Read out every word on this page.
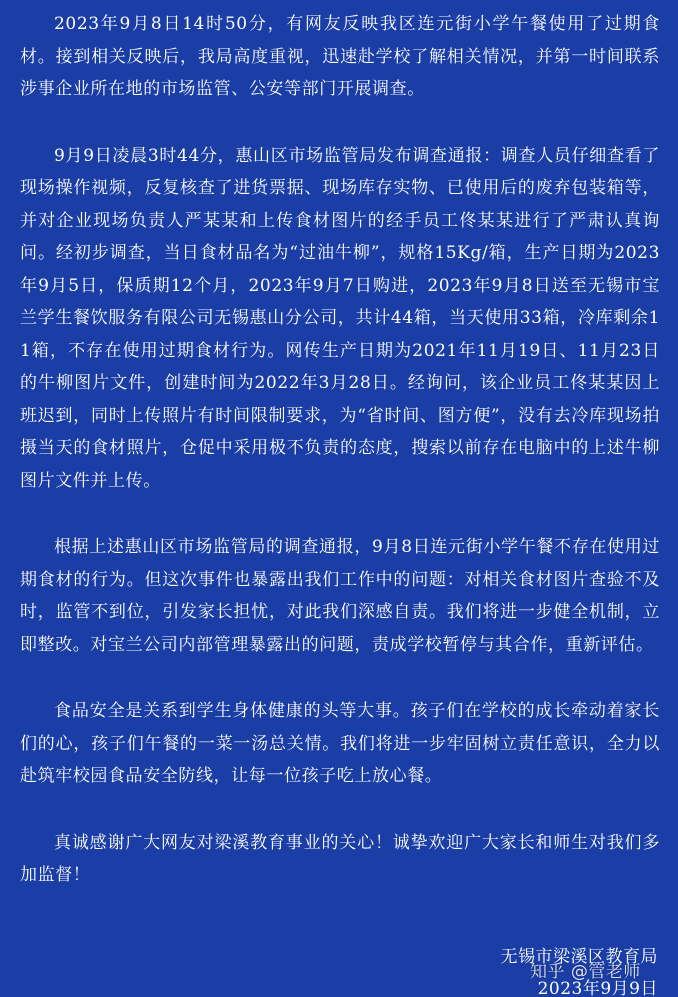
2023年9月8日14时50分，有网友反映我区连元街小学午餐使用了过期食材。接到相关反映后，我局高度重视，迅速赴学校了解相关情况，并第一时间联系涉事企业所在地的市场监管、公安等部门开展调查。

9月9日凌晨3时44分，惠山区市场监管局发布调查通报：调查人员仔细查看了现场操作视频，反复核查了进货票据、现场库存实物、已使用后的废弃包装箱等，并对企业现场负责人严某某和上传食材图片的经手员工佟某某进行了严肃认真询问。经初步调查，当日食材品名为“过油牛柳”，规格15Kg/箱，生产日期为2023年9月5日，保质期12个月，2023年9月7日购进，2023年9月8日送至无锡市宝兰学生餐饮服务有限公司无锡惠山分公司，共计44箱，当天使用33箱，冷库剩余11箱，不存在使用过期食材行为。网传生产日期为2021年11月19日、11月23日的牛柳图片文件，创建时间为2022年3月28日。经询问，该企业员工佟某某因上班迟到，同时上传照片有时间限制要求，为“省时间、图方便”，没有去冷库现场拍摄当天的食材照片，仓促中采用极不负责的态度，搜索以前存在电脑中的上述牛柳图片文件并上传。

根据上述惠山区市场监管局的调查通报，9月8日连元街小学午餐不存在使用过期食材的行为。但这次事件也暴露出我们工作中的问题：对相关食材图片查验不及时，监管不到位，引发家长担忧，对此我们深感自责。我们将进一步健全机制，立即整改。对宝兰公司内部管理暴露出的问题，责成学校暂停与其合作，重新评估。

食品安全是关系到学生身体健康的头等大事。孩子们在学校的成长牵动着家长们的心，孩子们午餐的一菜一汤总关情。我们将进一步牢固树立责任意识，全力以赴筑牢校园食品安全防线，让每一位孩子吃上放心餐。

真诚感谢广大网友对梁溪教育事业的关心！诚挚欢迎广大家长和师生对我们多加监督！

无锡市梁溪区教育局
2023年9月9日
知乎 @管老师
